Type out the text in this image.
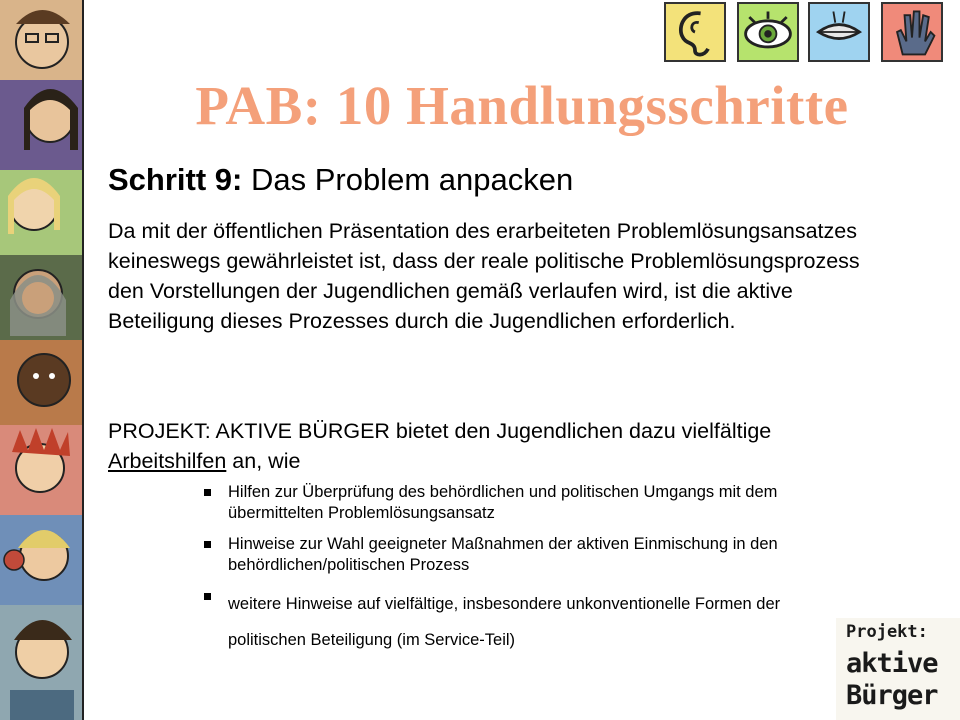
PAB: 10 Handlungsschritte
Schritt 9: Das Problem anpacken
Da mit der öffentlichen Präsentation des erarbeiteten Problemlösungsansatzes keineswegs gewährleistet ist, dass der reale politische Problemlösungsprozess den Vorstellungen der Jugendlichen gemäß verlaufen wird, ist die aktive Beteiligung dieses Prozesses durch die Jugendlichen erforderlich.
PROJEKT: AKTIVE BÜRGER bietet den Jugendlichen dazu vielfältige Arbeitshilfen an, wie
Hilfen zur Überprüfung des behördlichen und politischen Umgangs mit dem übermittelten Problemlösungsansatz
Hinweise zur Wahl geeigneter Maßnahmen der aktiven Einmischung in den behördlichen/politischen Prozess
weitere Hinweise auf vielfältige, insbesondere unkonventionelle Formen der politischen Beteiligung (im Service-Teil)	Projekt:
aktive
Bürger
